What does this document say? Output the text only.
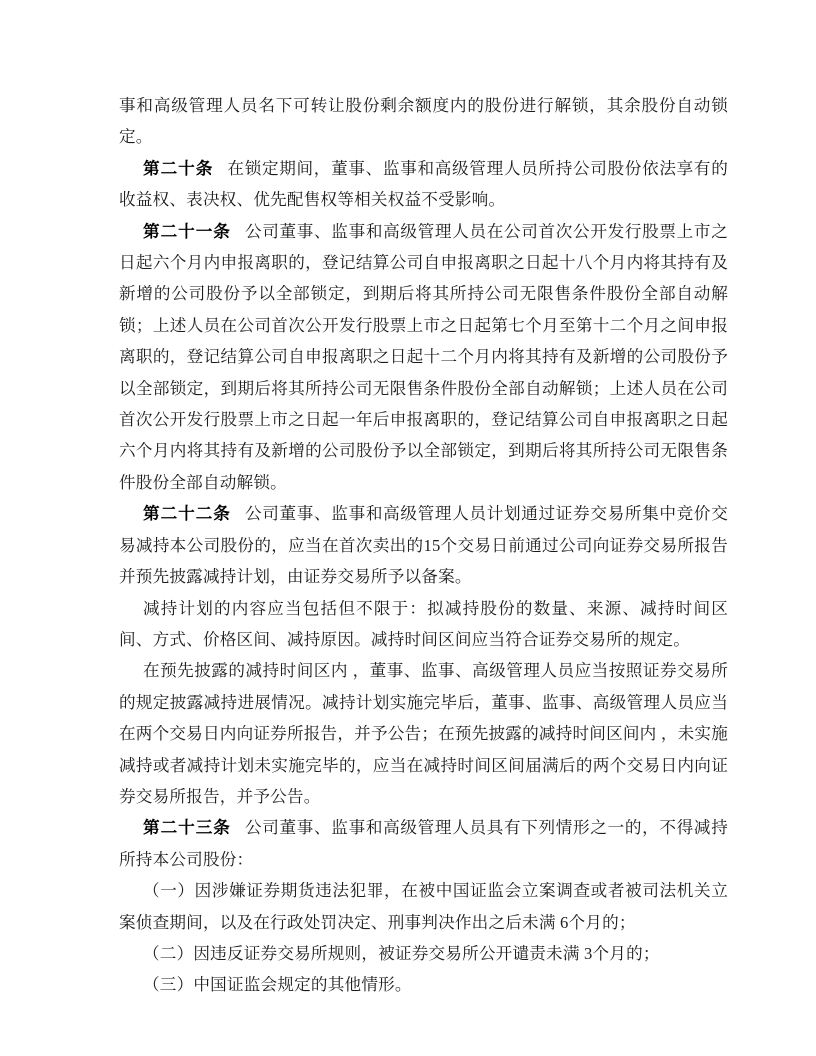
事和高级管理人员名下可转让股份剩余额度内的股份进行解锁，其余股份自动锁定。

第二十条 在锁定期间，董事、监事和高级管理人员所持公司股份依法享有的收益权、表决权、优先配售权等相关权益不受影响。

第二十一条 公司董事、监事和高级管理人员在公司首次公开发行股票上市之日起六个月内申报离职的，登记结算公司自申报离职之日起十八个月内将其持有及新增的公司股份予以全部锁定，到期后将其所持公司无限售条件股份全部自动解锁；上述人员在公司首次公开发行股票上市之日起第七个月至第十二个月之间申报离职的，登记结算公司自申报离职之日起十二个月内将其持有及新增的公司股份予以全部锁定，到期后将其所持公司无限售条件股份全部自动解锁；上述人员在公司首次公开发行股票上市之日起一年后申报离职的，登记结算公司自申报离职之日起六个月内将其持有及新增的公司股份予以全部锁定，到期后将其所持公司无限售条件股份全部自动解锁。

第二十二条 公司董事、监事和高级管理人员计划通过证券交易所集中竞价交易减持本公司股份的，应当在首次卖出的15个交易日前通过公司向证券交易所报告并预先披露减持计划，由证券交易所予以备案。

减持计划的内容应当包括但不限于：拟减持股份的数量、来源、减持时间区间、方式、价格区间、减持原因。减持时间区间应当符合证券交易所的规定。

在预先披露的减持时间区内 ，董事、监事、高级管理人员应当按照证券交易所的规定披露减持进展情况。减持计划实施完毕后，董事、监事、高级管理人员应当在两个交易日内向证券所报告，并予公告；在预先披露的减持时间区间内 ，未实施减持或者减持计划未实施完毕的，应当在减持时间区间届满后的两个交易日内向证券交易所报告，并予公告。

第二十三条 公司董事、监事和高级管理人员具有下列情形之一的，不得减持所持本公司股份：

（一）因涉嫌证券期货违法犯罪，在被中国证监会立案调查或者被司法机关立案侦查期间，以及在行政处罚决定、刑事判决作出之后未满 6个月的；

（二）因违反证券交易所规则，被证券交易所公开谴责未满 3个月的；

（三）中国证监会规定的其他情形。
